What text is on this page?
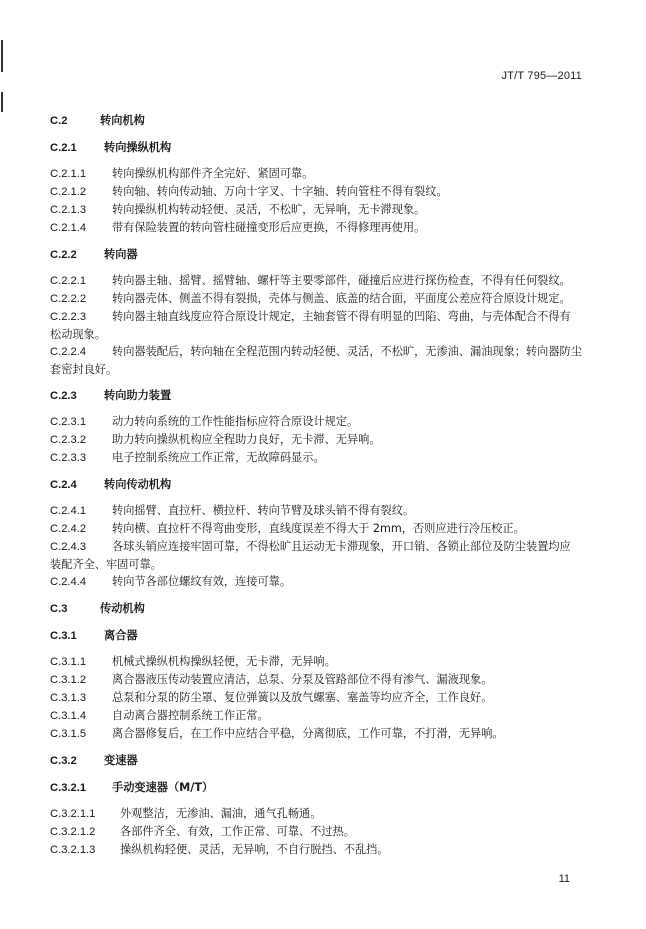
JT/T 795—2011
C.2	转向机构
C.2.1 转向操纵机构
C.2.1.1 转向操纵机构部件齐全完好、紧固可靠。
C.2.1.2 转向轴、转向传动轴、万向十字叉、十字轴、转向管柱不得有裂纹。
C.2.1.3 转向操纵机构转动轻便、灵活，不松旷，无异响，无卡滞现象。
C.2.1.4 带有保险装置的转向管柱碰撞变形后应更换，不得修理再使用。
C.2.2 转向器
C.2.2.1 转向器主轴、摇臂、摇臂轴、螺杆等主要零部件，碰撞后应进行探伤检查，不得有任何裂纹。
C.2.2.2 转向器壳体、侧盖不得有裂损，壳体与侧盖、底盖的结合面，平面度公差应符合原设计规定。
C.2.2.3 转向器主轴直线度应符合原设计规定，主轴套管不得有明显的凹陷、弯曲，与壳体配合不得有
松动现象。
C.2.2.4 转向器装配后，转向轴在全程范围内转动轻便、灵活，不松旷，无渗油、漏油现象；转向器防尘
套密封良好。
C.2.3 转向助力装置
C.2.3.1 动力转向系统的工作性能指标应符合原设计规定。
C.2.3.2 助力转向操纵机构应全程助力良好，无卡滞、无异响。
C.2.3.3 电子控制系统应工作正常，无故障码显示。
C.2.4 转向传动机构
C.2.4.1 转向摇臂、直拉杆、横拉杆、转向节臂及球头销不得有裂纹。
C.2.4.2 转向横、直拉杆不得弯曲变形，直线度误差不得大于 2mm，否则应进行冷压校正。
C.2.4.3 各球头销应连接牢固可靠，不得松旷且运动无卡滞现象，开口销、各锁止部位及防尘装置均应
装配齐全、牢固可靠。
C.2.4.4 转向节各部位螺纹有效，连接可靠。
C.3	传动机构
C.3.1 离合器
C.3.1.1 机械式操纵机构操纵轻便，无卡滞，无异响。
C.3.1.2 离合器液压传动装置应清洁，总泵、分泵及管路部位不得有渗气、漏液现象。
C.3.1.3 总泵和分泵的防尘罩、复位弹簧以及放气螺塞、塞盖等均应齐全，工作良好。
C.3.1.4 自动离合器控制系统工作正常。
C.3.1.5 离合器修复后，在工作中应结合平稳，分离彻底，工作可靠，不打滑，无异响。
C.3.2 变速器
C.3.2.1 手动变速器（M/T）
C.3.2.1.1 外观整洁，无渗油、漏油，通气孔畅通。
C.3.2.1.2 各部件齐全、有效，工作正常、可靠、不过热。
C.3.2.1.3 操纵机构轻便、灵活，无异响，不自行脱挡、不乱挡。
11
